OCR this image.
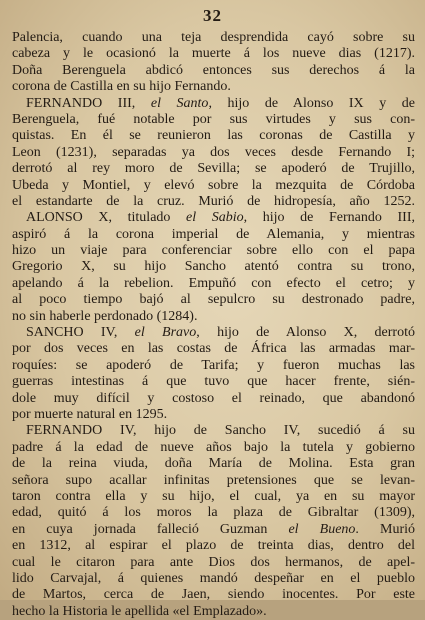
32
Palencia, cuando una teja desprendida cayó sobre su
cabeza y le ocasionó la muerte á los nueve dias (1217).
Doña Berenguela abdicó entonces sus derechos á la
corona de Castilla en su hijo Fernando.
FERNANDO III, el Santo, hijo de Alonso IX y de
Berenguela, fué notable por sus virtudes y sus con-
quistas. En él se reunieron las coronas de Castilla y
Leon (1231), separadas ya dos veces desde Fernando I;
derrotó al rey moro de Sevilla; se apoderó de Trujillo,
Ubeda y Montiel, y elevó sobre la mezquita de Córdoba
el estandarte de la cruz. Murió de hidropesía, año 1252.
ALONSO X, titulado el Sabio, hijo de Fernando III,
aspiró á la corona imperial de Alemania, y mientras
hizo un viaje para conferenciar sobre ello con el papa
Gregorio X, su hijo Sancho atentó contra su trono,
apelando á la rebelion. Empuñó con efecto el cetro; y
al poco tiempo bajó al sepulcro su destronado padre,
no sin haberle perdonado (1284).
SANCHO IV, el Bravo, hijo de Alonso X, derrotó
por dos veces en las costas de África las armadas mar-
roquíes: se apoderó de Tarifa; y fueron muchas las
guerras intestinas á que tuvo que hacer frente, sién-
dole muy difícil y costoso el reinado, que abandonó
por muerte natural en 1295.
FERNANDO IV, hijo de Sancho IV, sucedió á su
padre á la edad de nueve años bajo la tutela y gobierno
de la reina viuda, doña María de Molina. Esta gran
señora supo acallar infinitas pretensiones que se levan-
taron contra ella y su hijo, el cual, ya en su mayor
edad, quitó á los moros la plaza de Gibraltar (1309),
en cuya jornada falleció Guzman el Bueno. Murió
en 1312, al espirar el plazo de treinta dias, dentro del
cual le citaron para ante Dios dos hermanos, de apel-
lido Carvajal, á quienes mandó despeñar en el pueblo
de Martos, cerca de Jaen, siendo inocentes. Por este
hecho la Historia le apellida «el Emplazado».
